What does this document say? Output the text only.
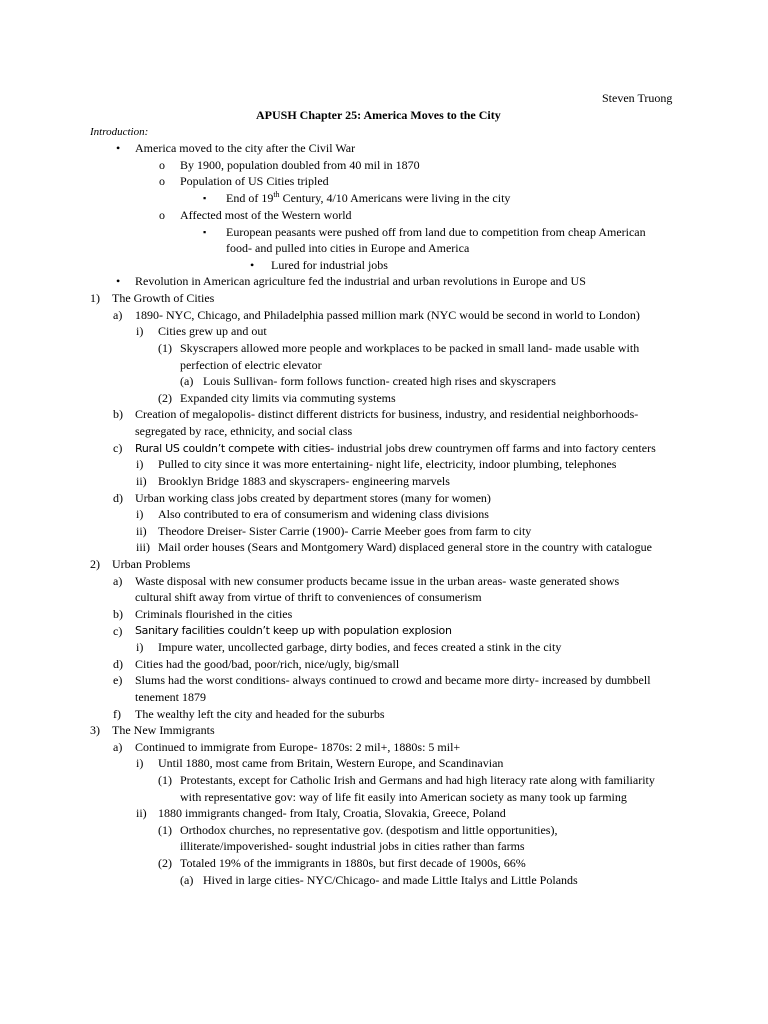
Steven Truong
APUSH Chapter 25: America Moves to the City
Introduction:
• America moved to the city after the Civil War
o By 1900, population doubled from 40 mil in 1870
o Population of US Cities tripled
▪ End of 19th Century, 4/10 Americans were living in the city
o Affected most of the Western world
▪ European peasants were pushed off from land due to competition from cheap American
food- and pulled into cities in Europe and America
• Lured for industrial jobs
• Revolution in American agriculture fed the industrial and urban revolutions in Europe and US
1) The Growth of Cities
a) 1890- NYC, Chicago, and Philadelphia passed million mark (NYC would be second in world to London)
i) Cities grew up and out
(1) Skyscrapers allowed more people and workplaces to be packed in small land- made usable with
perfection of electric elevator
(a) Louis Sullivan- form follows function- created high rises and skyscrapers
(2) Expanded city limits via commuting systems
b) Creation of megalopolis- distinct different districts for business, industry, and residential neighborhoods-
segregated by race, ethnicity, and social class
c) Rural US couldn’t compete with cities- industrial jobs drew countrymen off farms and into factory centers
i) Pulled to city since it was more entertaining- night life, electricity, indoor plumbing, telephones
ii) Brooklyn Bridge 1883 and skyscrapers- engineering marvels
d) Urban working class jobs created by department stores (many for women)
i) Also contributed to era of consumerism and widening class divisions
ii) Theodore Dreiser- Sister Carrie (1900)- Carrie Meeber goes from farm to city
iii) Mail order houses (Sears and Montgomery Ward) displaced general store in the country with catalogue
2) Urban Problems
a) Waste disposal with new consumer products became issue in the urban areas- waste generated shows
cultural shift away from virtue of thrift to conveniences of consumerism
b) Criminals flourished in the cities
c) Sanitary facilities couldn’t keep up with population explosion
i) Impure water, uncollected garbage, dirty bodies, and feces created a stink in the city
d) Cities had the good/bad, poor/rich, nice/ugly, big/small
e) Slums had the worst conditions- always continued to crowd and became more dirty- increased by dumbbell
tenement 1879
f) The wealthy left the city and headed for the suburbs
3) The New Immigrants
a) Continued to immigrate from Europe- 1870s: 2 mil+, 1880s: 5 mil+
i) Until 1880, most came from Britain, Western Europe, and Scandinavian
(1) Protestants, except for Catholic Irish and Germans and had high literacy rate along with familiarity
with representative gov: way of life fit easily into American society as many took up farming
ii) 1880 immigrants changed- from Italy, Croatia, Slovakia, Greece, Poland
(1) Orthodox churches, no representative gov. (despotism and little opportunities),
illiterate/impoverished- sought industrial jobs in cities rather than farms
(2) Totaled 19% of the immigrants in 1880s, but first decade of 1900s, 66%
(a) Hived in large cities- NYC/Chicago- and made Little Italys and Little Polands
